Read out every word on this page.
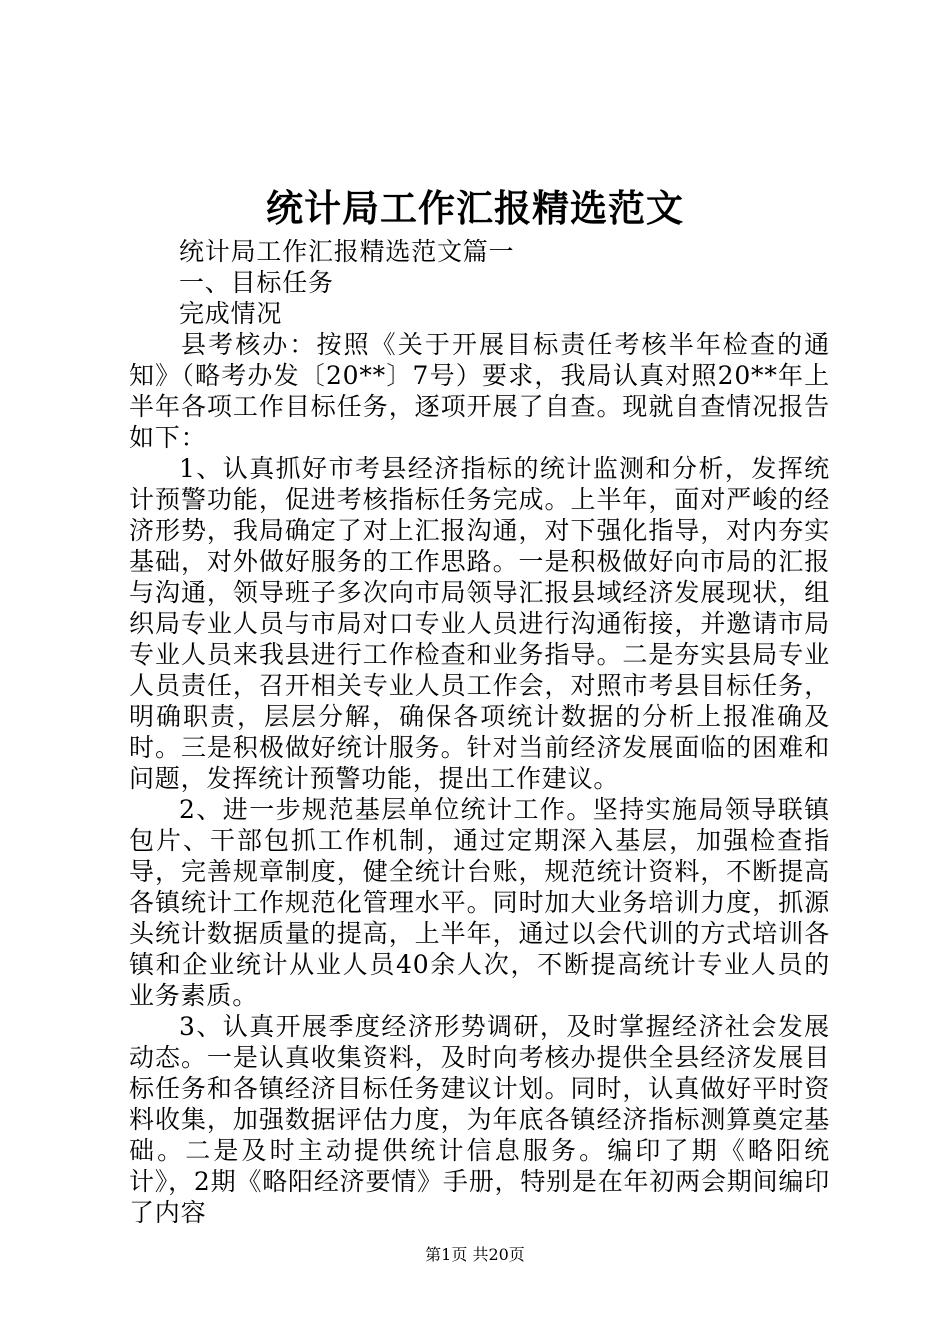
统计局工作汇报精选范文

统计局工作汇报精选范文篇一

一、目标任务

完成情况

县考核办：按照《关于开展目标责任考核半年检查的通知》（略考办发〔20**〕7号）要求，我局认真对照20**年上半年各项工作目标任务，逐项开展了自查。现就自查情况报告如下：

1、认真抓好市考县经济指标的统计监测和分析，发挥统计预警功能，促进考核指标任务完成。上半年，面对严峻的经济形势，我局确定了对上汇报沟通，对下强化指导，对内夯实基础，对外做好服务的工作思路。一是积极做好向市局的汇报与沟通，领导班子多次向市局领导汇报县域经济发展现状，组织局专业人员与市局对口专业人员进行沟通衔接，并邀请市局专业人员来我县进行工作检查和业务指导。二是夯实县局专业人员责任，召开相关专业人员工作会，对照市考县目标任务，明确职责，层层分解，确保各项统计数据的分析上报准确及时。三是积极做好统计服务。针对当前经济发展面临的困难和问题，发挥统计预警功能，提出工作建议。

2、进一步规范基层单位统计工作。坚持实施局领导联镇包片、干部包抓工作机制，通过定期深入基层，加强检查指导，完善规章制度，健全统计台账，规范统计资料，不断提高各镇统计工作规范化管理水平。同时加大业务培训力度，抓源头统计数据质量的提高，上半年，通过以会代训的方式培训各镇和企业统计从业人员40余人次，不断提高统计专业人员的业务素质。

3、认真开展季度经济形势调研，及时掌握经济社会发展动态。一是认真收集资料，及时向考核办提供全县经济发展目标任务和各镇经济目标任务建议计划。同时，认真做好平时资料收集，加强数据评估力度，为年底各镇经济指标测算奠定基础。二是及时主动提供统计信息服务。编印了期《略阳统计》，2期《略阳经济要情》手册，特别是在年初两会期间编印了内容

第1页 共20页
